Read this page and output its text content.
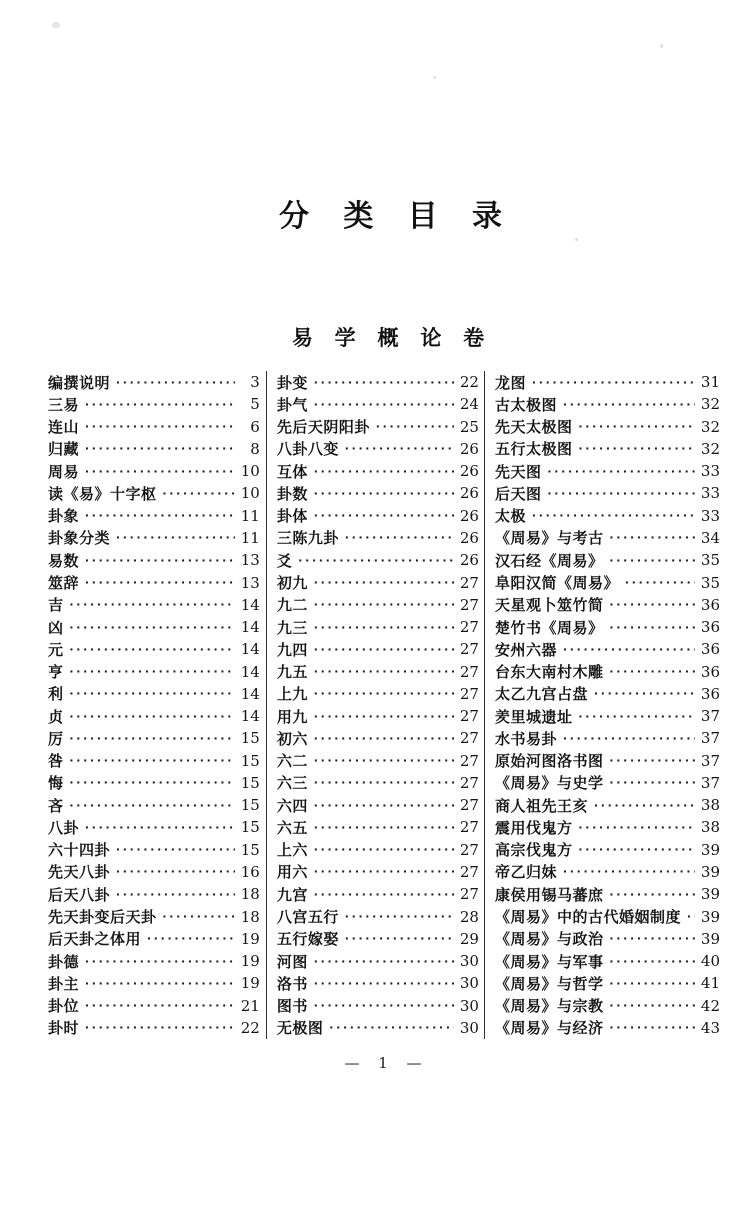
分 类 目 录
易 学 概 论 卷
编撰说明 ·····	3
三易 ·····	5
连山 ·····	6
归藏 ·····	8
周易 ·····	10
读《易》十字枢 ·····	10
卦象 ·····	11
卦象分类 ·····	11
易数 ·····	13
筮辞 ·····	13
吉 ·····	14
凶 ·····	14
元 ·····	14
亨 ·····	14
利 ·····	14
贞 ·····	14
厉 ·····	15
咎 ·····	15
悔 ·····	15
吝 ·····	15
八卦 ·····	15
六十四卦 ·····	15
先天八卦 ·····	16
后天八卦 ·····	18
先天卦变后天卦 ·····	18
后天卦之体用 ·····	19
卦德 ·····	19
卦主 ·····	19
卦位 ·····	21
卦时 ·····	22
卦变 ·····	22
卦气 ·····	24
先后天阴阳卦 ·····	25
八卦八变 ·····	26
互体 ·····	26
卦数 ·····	26
卦体 ·····	26
三陈九卦 ·····	26
爻 ·····	26
初九 ·····	27
九二 ·····	27
九三 ·····	27
九四 ·····	27
九五 ·····	27
上九 ·····	27
用九 ·····	27
初六 ·····	27
六二 ·····	27
六三 ·····	27
六四 ·····	27
六五 ·····	27
上六 ·····	27
用六 ·····	27
九宫 ·····	27
八宫五行 ·····	28
五行嫁娶 ·····	29
河图 ·····	30
洛书 ·····	30
图书 ·····	30
无极图 ·····	30
龙图 ·····	31
古太极图 ·····	32
先天太极图 ·····	32
五行太极图 ·····	32
先天图 ·····	33
后天图 ·····	33
太极 ·····	33
《周易》与考古 ·····	34
汉石经《周易》 ·····	35
阜阳汉简《周易》 ·····	35
天星观卜筮竹简 ·····	36
楚竹书《周易》 ·····	36
安州六器 ·····	36
台东大南村木雕 ·····	36
太乙九宫占盘 ·····	36
羑里城遗址 ·····	37
水书易卦 ·····	37
原始河图洛书图 ·····	37
《周易》与史学 ·····	37
商人祖先王亥 ·····	38
震用伐鬼方 ·····	38
高宗伐鬼方 ·····	39
帝乙归妹 ·····	39
康侯用锡马蕃庶 ·····	39
《周易》中的古代婚姻制度 ····· 39
《周易》与政治 ·····	39
《周易》与军事 ·····	40
《周易》与哲学 ·····	41
《周易》与宗教 ·····	42
《周易》与经济 ·····	43
— 1 —
